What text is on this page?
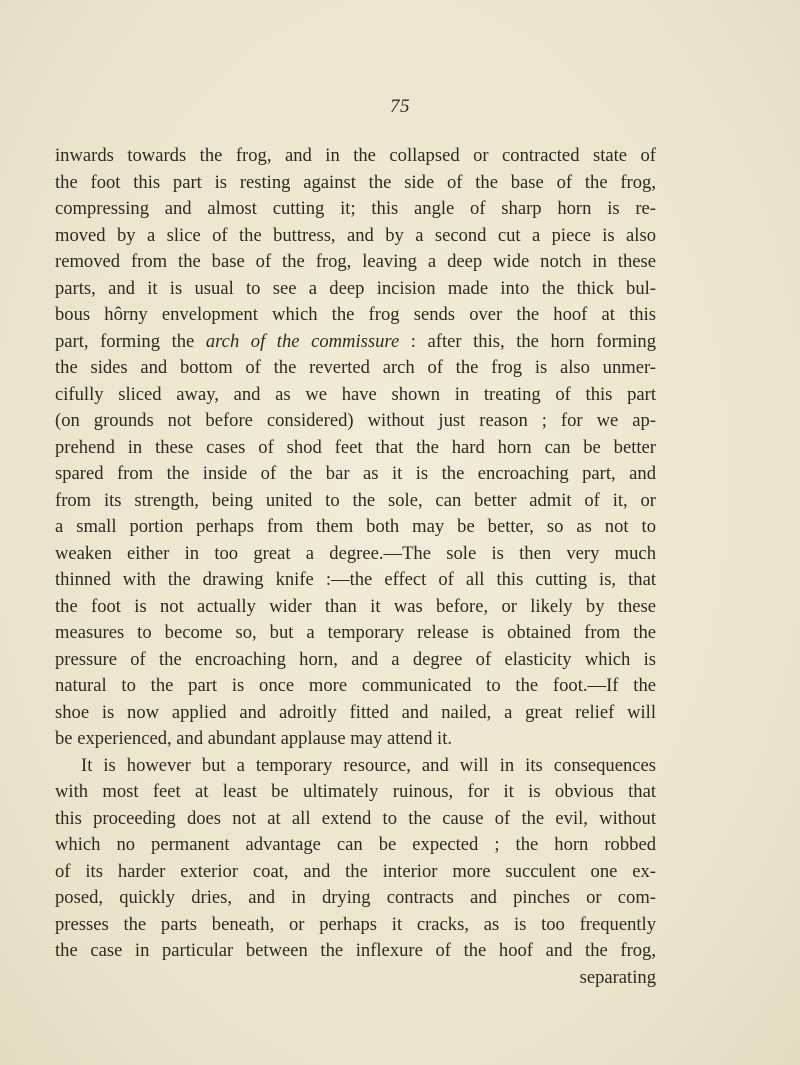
75
inwards towards the frog, and in the collapsed or contracted state of
the foot this part is resting against the side of the base of the frog,
compressing and almost cutting it; this angle of sharp horn is re-
moved by a slice of the buttress, and by a second cut a piece is also
removed from the base of the frog, leaving a deep wide notch in these
parts, and it is usual to see a deep incision made into the thick bul-
bous hôrny envelopment which the frog sends over the hoof at this
part, forming the arch of the commissure : after this, the horn forming
the sides and bottom of the reverted arch of the frog is also unmer-
cifully sliced away, and as we have shown in treating of this part
(on grounds not before considered) without just reason ; for we ap-
prehend in these cases of shod feet that the hard horn can be better
spared from the inside of the bar as it is the encroaching part, and
from its strength, being united to the sole, can better admit of it, or
a small portion perhaps from them both may be better, so as not to
weaken either in too great a degree.—The sole is then very much
thinned with the drawing knife :—the effect of all this cutting is, that
the foot is not actually wider than it was before, or likely by these
measures to become so, but a temporary release is obtained from the
pressure of the encroaching horn, and a degree of elasticity which is
natural to the part is once more communicated to the foot.—If the
shoe is now applied and adroitly fitted and nailed, a great relief will
be experienced, and abundant applause may attend it.
It is however but a temporary resource, and will in its consequences
with most feet at least be ultimately ruinous, for it is obvious that
this proceeding does not at all extend to the cause of the evil, without
which no permanent advantage can be expected ; the horn robbed
of its harder exterior coat, and the interior more succulent one ex-
posed, quickly dries, and in drying contracts and pinches or com-
presses the parts beneath, or perhaps it cracks, as is too frequently
the case in particular between the inflexure of the hoof and the frog,
separating
